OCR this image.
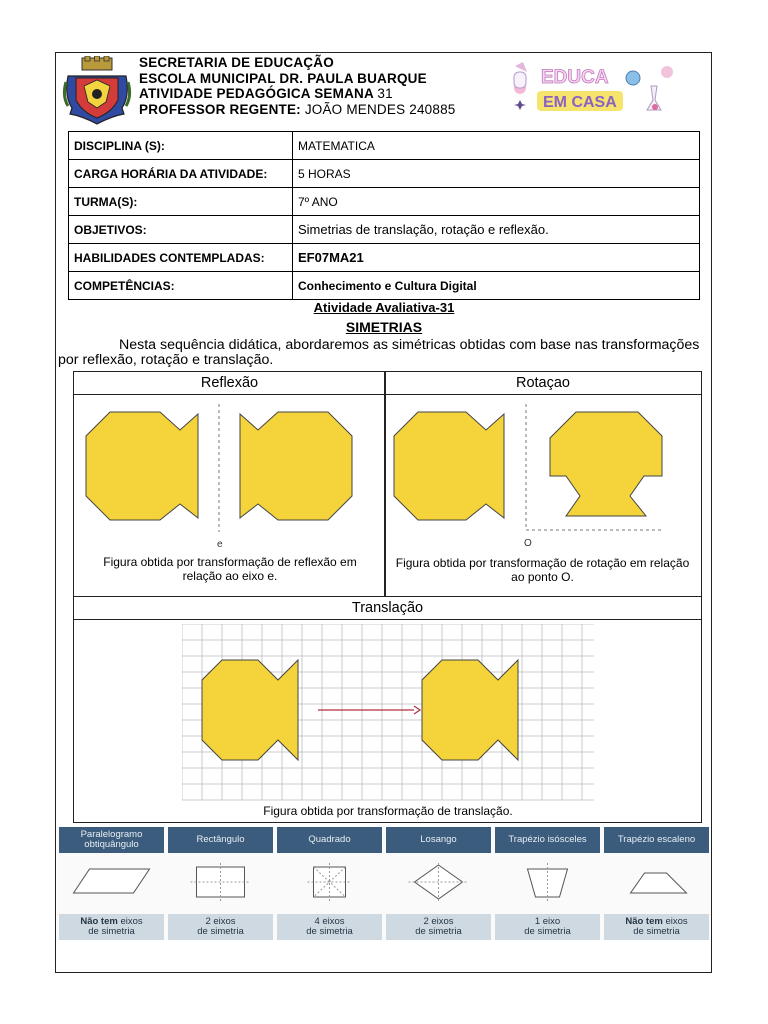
SECRETARIA DE EDUCAÇÃO
ESCOLA MUNICIPAL DR. PAULA BUARQUE
ATIVIDADE PEDAGÓGICA SEMANA 31
PROFESSOR REGENTE: JOÃO MENDES 240885
EDUCA
EM CASA
DISCIPLINA (S):	MATEMATICA
CARGA HORÁRIA DA ATIVIDADE:	5 HORAS
TURMA(S):	7º ANO
OBJETIVOS:	Simetrias de translação, rotação e reflexão.
HABILIDADES CONTEMPLADAS:	EF07MA21
COMPETÊNCIAS:	Conhecimento e Cultura Digital
Atividade Avaliativa-31
SIMETRIAS
Nesta sequência didática, abordaremos as simétricas obtidas com base nas transformações por reflexão, rotação e translação.
Reflexão
e
Figura obtida por transformação de reflexão em relação ao eixo e.
Rotaçao
O
Figura obtida por transformação de rotação em relação ao ponto O.
Translação
Figura obtida por transformação de translação.
Paralelogramo obtiquângulo
Não tem eixos
de simetria
Rectângulo
2 eixos
de simetria
Quadrado
4 eixos
de simetria
Losango
2 eixos
de simetria
Trapézio isósceles
1 eixo
de simetria
Trapézio escaleno
Não tem eixos
de simetria
